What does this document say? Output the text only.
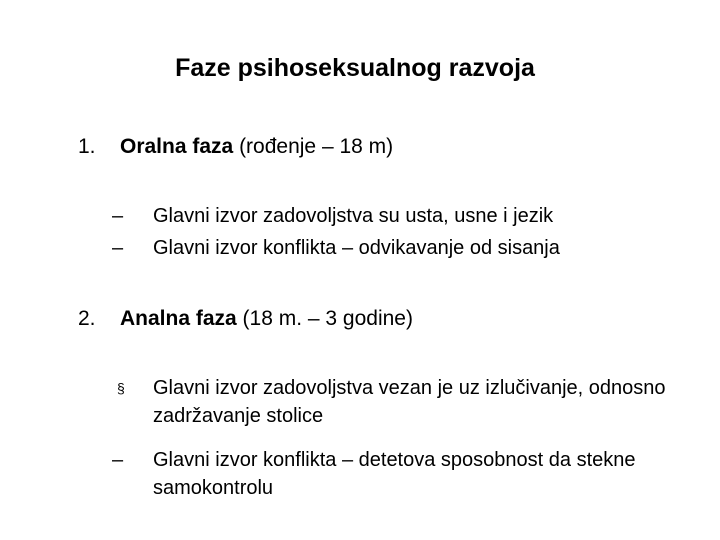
Faze psihoseksualnog razvoja
1. Oralna faza (rođenje – 18 m)
–	Glavni izvor zadovoljstva su usta, usne i jezik
–	Glavni izvor konflikta – odvikavanje od sisanja
2. Analna faza (18 m. – 3 godine)
§	Glavni izvor zadovoljstva vezan je uz izlučivanje, odnosno zadržavanje stolice
–	Glavni izvor konflikta – detetova sposobnost da stekne samokontrolu
